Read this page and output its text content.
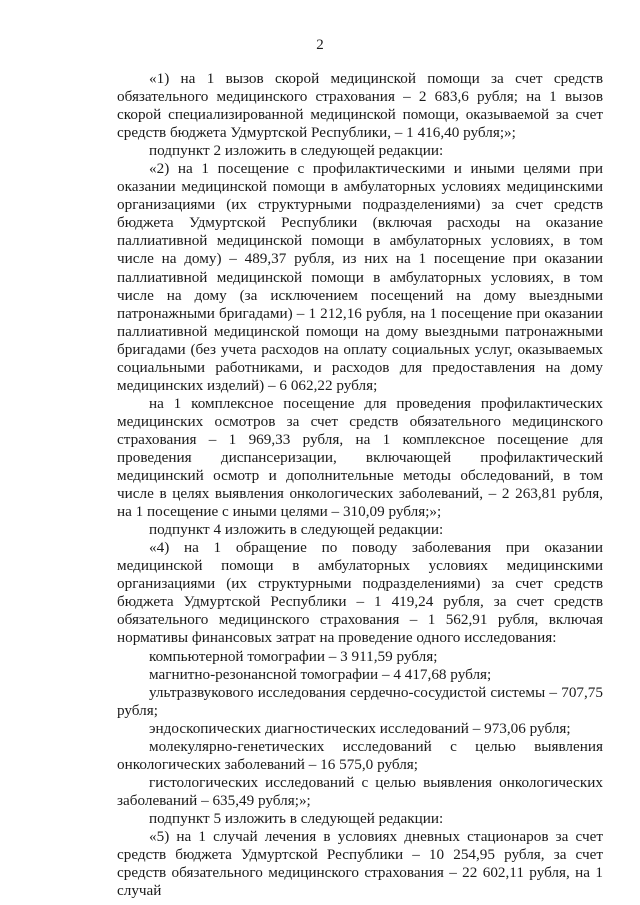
2

«1) на 1 вызов скорой медицинской помощи за счет средств обязательного медицинского страхования – 2 683,6 рубля; на 1 вызов скорой специализированной медицинской помощи, оказываемой за счет средств бюджета Удмуртской Республики, – 1 416,40 рубля;»;

подпункт 2 изложить в следующей редакции:

«2) на 1 посещение с профилактическими и иными целями при оказании медицинской помощи в амбулаторных условиях медицинскими организациями (их структурными подразделениями) за счет средств бюджета Удмуртской Республики (включая расходы на оказание паллиативной медицинской помощи в амбулаторных условиях, в том числе на дому) – 489,37 рубля, из них на 1 посещение при оказании паллиативной медицинской помощи в амбулаторных условиях, в том числе на дому (за исключением посещений на дому выездными патронажными бригадами) – 1 212,16 рубля, на 1 посещение при оказании паллиативной медицинской помощи на дому выездными патронажными бригадами (без учета расходов на оплату социальных услуг, оказываемых социальными работниками, и расходов для предоставления на дому медицинских изделий) – 6 062,22 рубля;

на 1 комплексное посещение для проведения профилактических медицинских осмотров за счет средств обязательного медицинского страхования – 1 969,33 рубля, на 1 комплексное посещение для проведения диспансеризации, включающей профилактический медицинский осмотр и дополнительные методы обследований, в том числе в целях выявления онкологических заболеваний, – 2 263,81 рубля, на 1 посещение с иными целями – 310,09 рубля;»;

подпункт 4 изложить в следующей редакции:

«4) на 1 обращение по поводу заболевания при оказании медицинской помощи в амбулаторных условиях медицинскими организациями (их структурными подразделениями) за счет средств бюджета Удмуртской Республики – 1 419,24 рубля, за счет средств обязательного медицинского страхования – 1 562,91 рубля, включая нормативы финансовых затрат на проведение одного исследования:

компьютерной томографии – 3 911,59 рубля;

магнитно-резонансной томографии – 4 417,68 рубля;

ультразвукового исследования сердечно-сосудистой системы – 707,75 рубля;

эндоскопических диагностических исследований – 973,06 рубля;

молекулярно-генетических исследований с целью выявления онкологических заболеваний – 16 575,0 рубля;

гистологических исследований с целью выявления онкологических заболеваний – 635,49 рубля;»;

подпункт 5 изложить в следующей редакции:

«5) на 1 случай лечения в условиях дневных стационаров за счет средств бюджета Удмуртской Республики – 10 254,95 рубля, за счет средств обязательного медицинского страхования – 22 602,11 рубля, на 1 случай
